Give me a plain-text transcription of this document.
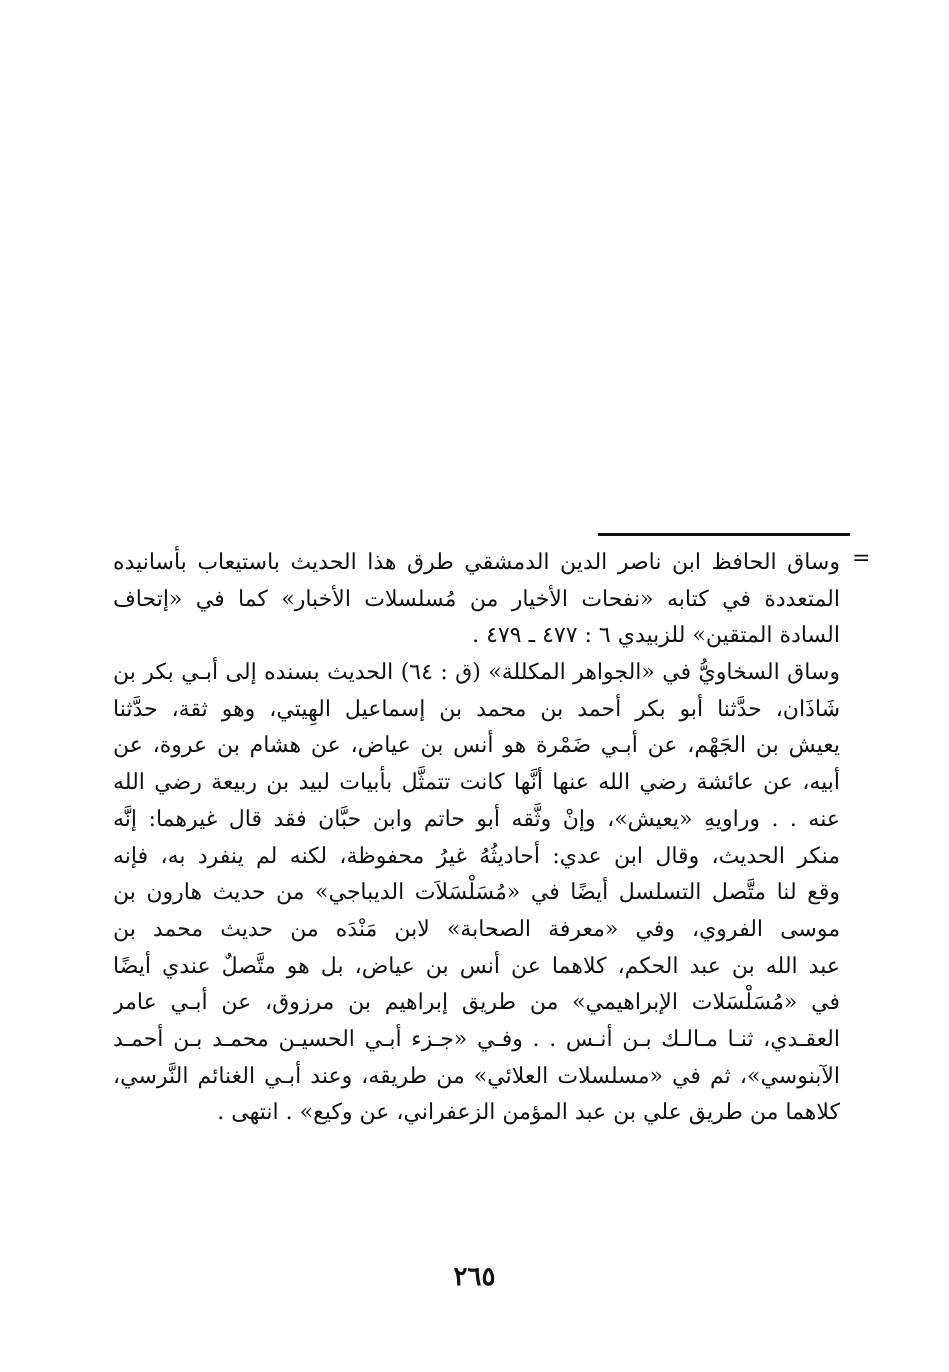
=
وساق الحافظ ابن ناصر الدين الدمشقي طرق هذا الحديث باستيعاب بأسانيده
المتعددة في كتابه «نفحات الأخيار من مُسلسلات الأخبار» كما في «إتحاف
السادة المتقين» للزبيدي ٦ : ٤٧٧ ـ ٤٧٩ .
وساق السخاويُّ في «الجواهر المكللة» (ق : ٦٤) الحديث بسنده إلى أبـي بكر بن
شَاذَان، حدَّثنا أبو بكر أحمد بن محمد بن إسماعيل الهِيتي، وهو ثقة، حدَّثنا
يعيش بن الجَهْم، عن أبـي ضَمْرة هو أنس بن عياض، عن هشام بن عروة، عن
أبيه، عن عائشة رضي الله عنها أنَّها كانت تتمثَّل بأبيات لبيد بن ربيعة رضي الله
عنه . . وراويهِ «يعيش»، وإنْ وثَّقه أبو حاتم وابن حبَّان فقد قال غيرهما: إنَّه
منكر الحديث، وقال ابن عدي: أحاديثُهُ غيرُ محفوظة، لكنه لم ينفرد به، فإنه
وقع لنا متَّصل التسلسل أيضًا في «مُسَلْسَلاَت الديباجي» من حديث هارون بن
موسى الفروي، وفي «معرفة الصحابة» لابن مَنْدَه من حديث محمد بن
عبد الله بن عبد الحكم، كلاهما عن أنس بن عياض، بل هو متَّصلٌ عندي أيضًا
في «مُسَلْسَلات الإبراهيمي» من طريق إبراهيم بن مرزوق، عن أبـي عامر
العقـدي، ثنـا مـالـك بـن أنـس . . وفـي «جـزء أبـي الحسيـن محمـد بـن أحمـد
الآبنوسي»، ثم في «مسلسلات العلائي» من طريقه، وعند أبـي الغنائم النَّرسي،
كلاهما من طريق علي بن عبد المؤمن الزعفراني، عن وكيع» . انتهى .
٢٦٥
